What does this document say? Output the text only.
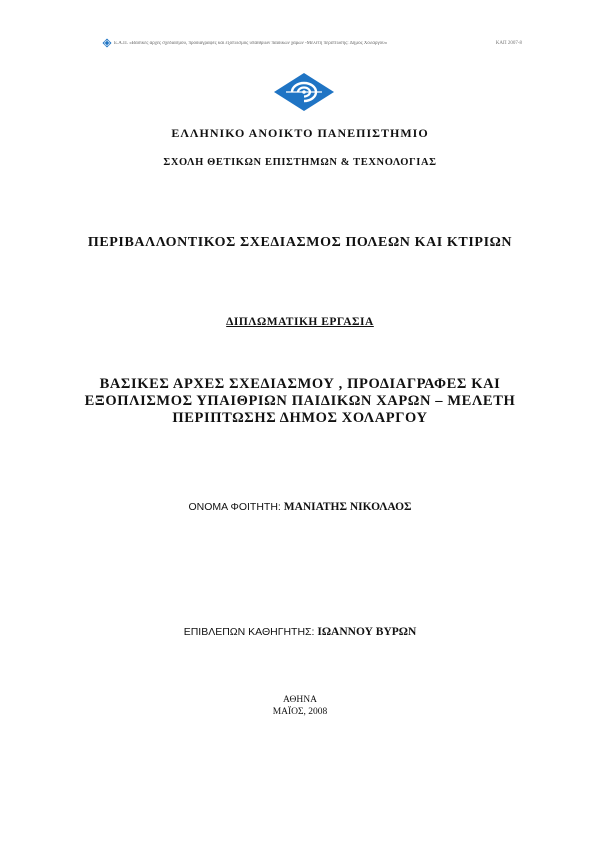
Ε.Α.Π. «Βασικές αρχές σχεδιασμού, προδιαγραφές και εξοπλισμός υπαίθριων παιδικών χαρών -Μελέτη περίπτωσης: Δήμος Χολαργού»	ΚΑΠ 2007-8
ΕΛΛΗΝΙΚΟ ΑΝΟΙΚΤΟ ΠΑΝΕΠΙΣΤΗΜΙΟ
ΣΧΟΛΗ ΘΕΤΙΚΩΝ ΕΠΙΣΤΗΜΩΝ & ΤΕΧΝΟΛΟΓΙΑΣ
ΠΕΡΙΒΑΛΛΟΝΤΙΚΟΣ ΣΧΕΔΙΑΣΜΟΣ ΠΟΛΕΩΝ ΚΑΙ ΚΤΙΡΙΩΝ
ΔΙΠΛΩΜΑΤΙΚΗ ΕΡΓΑΣΙΑ
ΒΑΣΙΚΕΣ ΑΡΧΕΣ ΣΧΕΔΙΑΣΜΟΥ , ΠΡΟΔΙΑΓΡΑΦΕΣ ΚΑΙ
ΕΞΟΠΛΙΣΜΟΣ ΥΠΑΙΘΡΙΩΝ ΠΑΙΔΙΚΩΝ ΧΑΡΩΝ – ΜΕΛΕΤΗ
ΠΕΡΙΠΤΩΣΗΣ ΔΗΜΟΣ ΧΟΛΑΡΓΟΥ
ΟΝΟΜΑ ΦΟΙΤΗΤΗ: ΜΑΝΙΑΤΗΣ ΝΙΚΟΛΑΟΣ
ΕΠΙΒΛΕΠΩΝ ΚΑΘΗΓΗΤΗΣ: ΙΩΑΝΝΟΥ ΒΥΡΩΝ
ΑΘΗΝΑ
ΜΑΪΟΣ, 2008
